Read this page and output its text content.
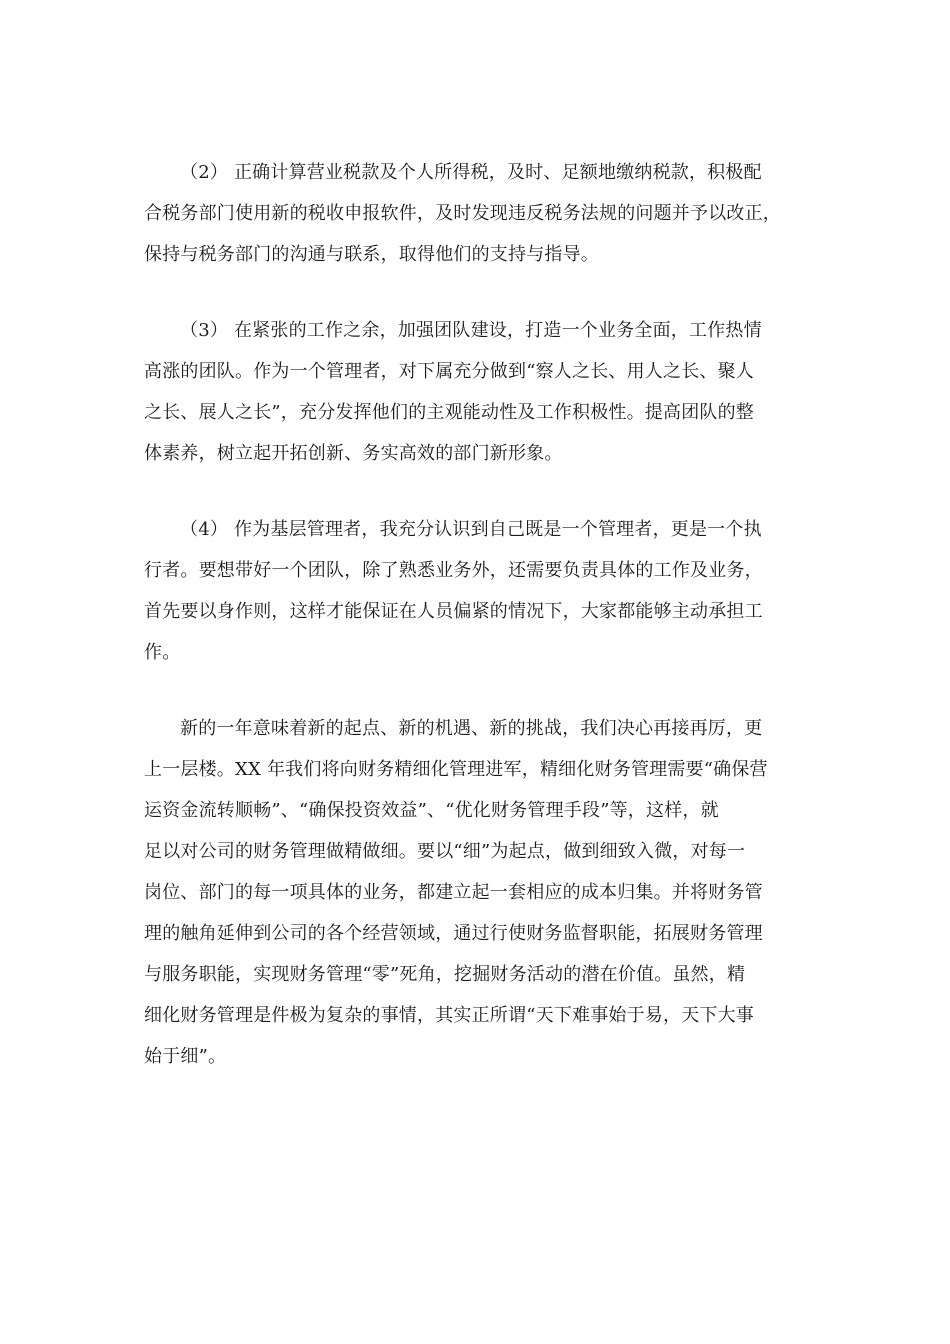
（2） 正确计算营业税款及个人所得税，及时、足额地缴纳税款，积极配
合税务部门使用新的税收申报软件，及时发现违反税务法规的问题并予以改正，
保持与税务部门的沟通与联系，取得他们的支持与指导。
（3） 在紧张的工作之余，加强团队建设，打造一个业务全面，工作热情
高涨的团队。作为一个管理者，对下属充分做到“察人之长、用人之长、聚人
之长、展人之长”，充分发挥他们的主观能动性及工作积极性。提高团队的整
体素养，树立起开拓创新、务实高效的部门新形象。
（4） 作为基层管理者，我充分认识到自己既是一个管理者，更是一个执
行者。要想带好一个团队，除了熟悉业务外，还需要负责具体的工作及业务，
首先要以身作则，这样才能保证在人员偏紧的情况下，大家都能够主动承担工
作。
新的一年意味着新的起点、新的机遇、新的挑战，我们决心再接再厉，更
上一层楼。XX 年我们将向财务精细化管理进军，精细化财务管理需要“确保营
运资金流转顺畅”、“确保投资效益”、“优化财务管理手段”等，这样，就
足以对公司的财务管理做精做细。要以“细”为起点，做到细致入微，对每一
岗位、部门的每一项具体的业务，都建立起一套相应的成本归集。并将财务管
理的触角延伸到公司的各个经营领域，通过行使财务监督职能，拓展财务管理
与服务职能，实现财务管理“零”死角，挖掘财务活动的潜在价值。虽然，精
细化财务管理是件极为复杂的事情，其实正所谓“天下难事始于易，天下大事
始于细”。
